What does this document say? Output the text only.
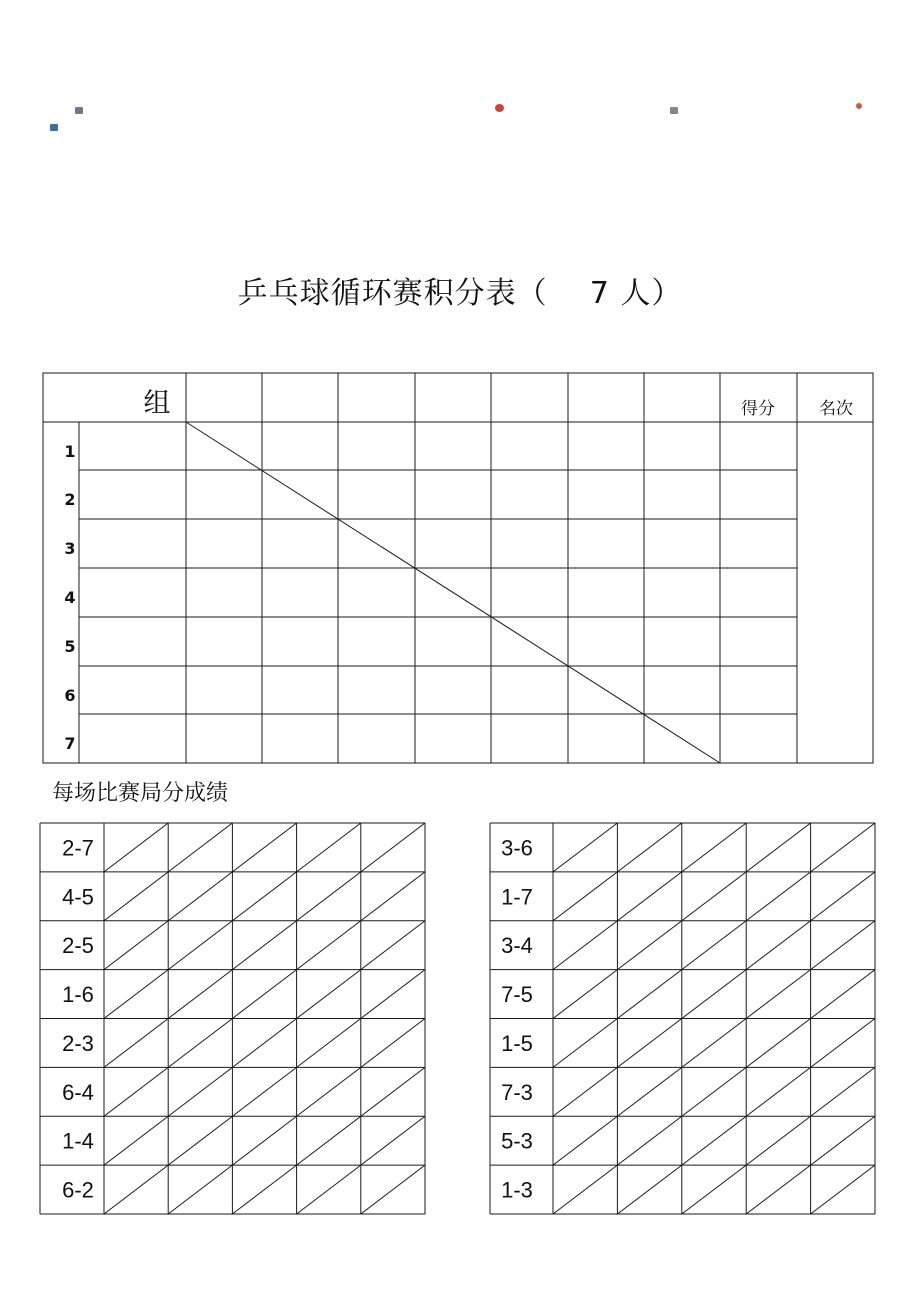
乒乓球循环赛积分表（ 7 人）
组	得分	名次
1
2
3
4
5
6
7
2-7
4-5
2-5
1-6
2-3
6-4
1-4
6-2
3-6
1-7
3-4
7-5
1-5
7-3
5-3
1-3
每场比赛局分成绩
